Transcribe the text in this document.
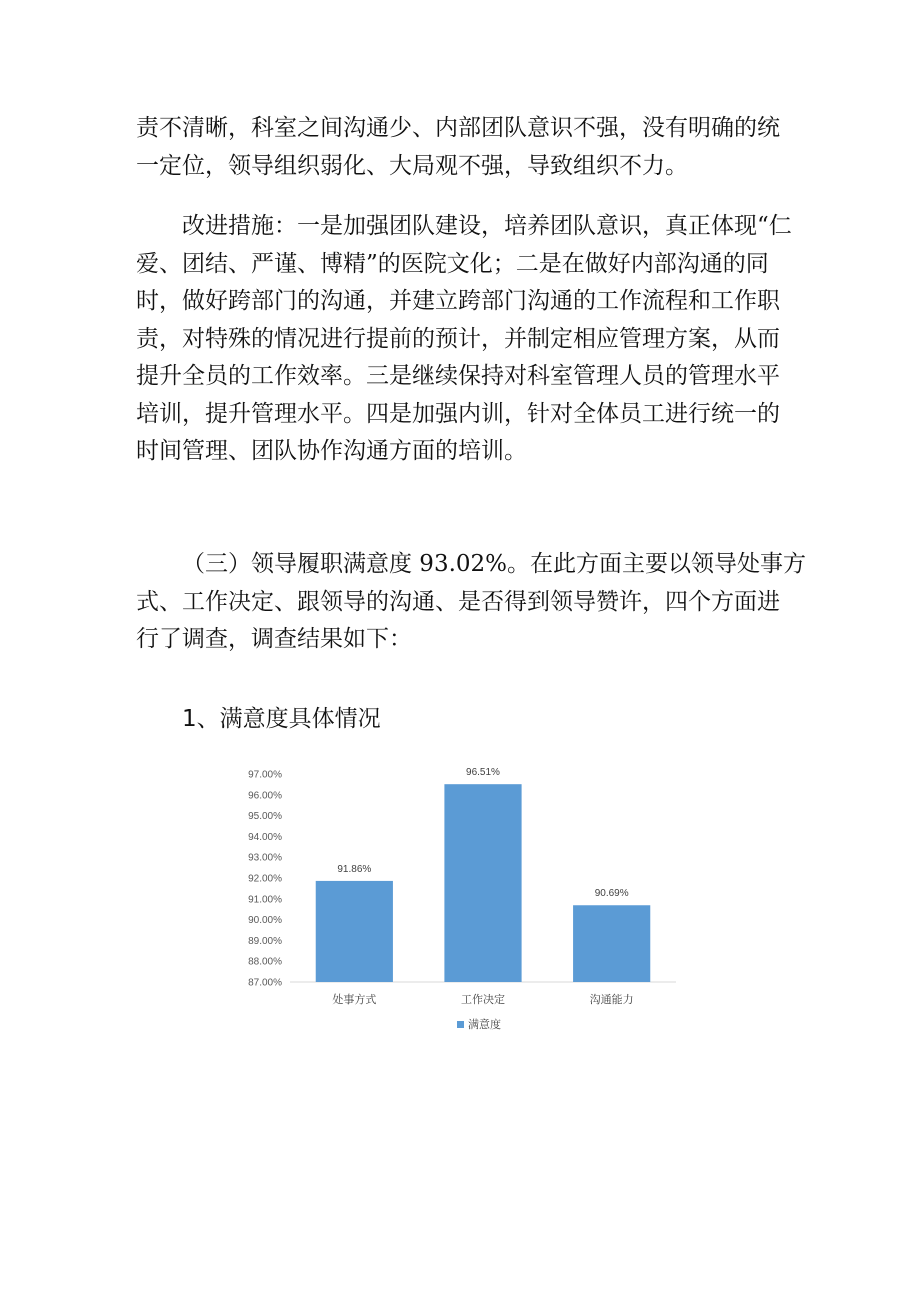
责不清晰，科室之间沟通少、内部团队意识不强，没有明确的统
一定位，领导组织弱化、大局观不强，导致组织不力。
改进措施：一是加强团队建设，培养团队意识，真正体现“仁
爱、团结、严谨、博精”的医院文化；二是在做好内部沟通的同
时，做好跨部门的沟通，并建立跨部门沟通的工作流程和工作职
责，对特殊的情况进行提前的预计，并制定相应管理方案，从而
提升全员的工作效率。三是继续保持对科室管理人员的管理水平
培训，提升管理水平。四是加强内训，针对全体员工进行统一的
时间管理、团队协作沟通方面的培训。
（三）领导履职满意度 93.02%。在此方面主要以领导处事方
式、工作决定、跟领导的沟通、是否得到领导赞许，四个方面进
行了调查，调查结果如下：
1、满意度具体情况
87.00%
88.00%
89.00%
90.00%
91.00%
92.00%
93.00%
94.00%
95.00%
96.00%
97.00%
91.86%
处事方式
96.51%
工作决定
90.69%
沟通能力
满意度
